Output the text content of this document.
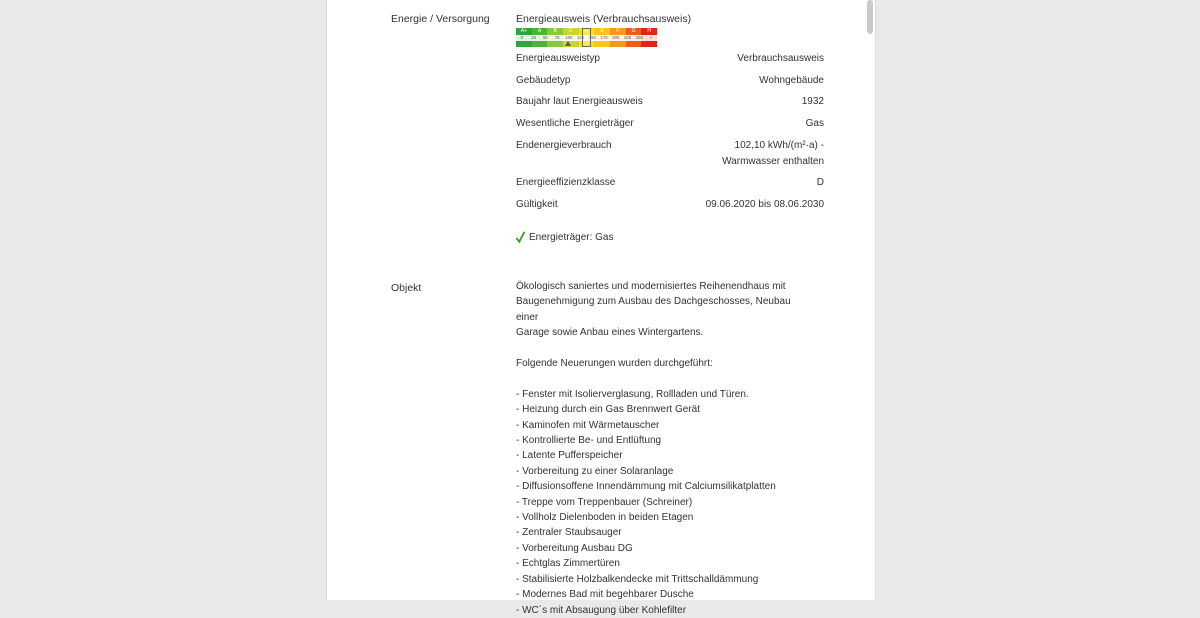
Energie / Versorgung	Energieausweis (Verbrauchsausweis)
A+	A	B	C	D	E	F	G	H
0	25	50	75	100	125	150	175	200	225	250	>
Energieausweistyp	Verbrauchsausweis
Gebäudetyp	Wohngebäude
Baujahr laut Energieausweis	1932
Wesentliche Energieträger	Gas
Endenergieverbrauch	102,10 kWh/(m²·a) -
Warmwasser enthalten
Energieeffizienzklasse	D
Gültigkeit	09.06.2020 bis 08.06.2030
Energieträger: Gas
Objekt	Ökologisch saniertes und modernisiertes Reihenendhaus mit

Baugenehmigung zum Ausbau des Dachgeschosses, Neubau einer

Garage sowie Anbau eines Wintergartens.

Folgende Neuerungen wurden durchgeführt:

- Fenster mit Isolierverglasung, Rollladen und Türen.

- Heizung durch ein Gas Brennwert Gerät

- Kaminofen mit Wärmetauscher

- Kontrollierte Be- und Entlüftung

- Latente Pufferspeicher

- Vorbereitung zu einer Solaranlage

- Diffusionsoffene Innendämmung mit Calciumsilikatplatten

- Treppe vom Treppenbauer (Schreiner)

- Vollholz Dielenboden in beiden Etagen

- Zentraler Staubsauger

- Vorbereitung Ausbau DG

- Echtglas Zimmertüren

- Stabilisierte Holzbalkendecke mit Trittschalldämmung

- Modernes Bad mit begehbarer Dusche

- WC´s mit Absaugung über Kohlefilter
